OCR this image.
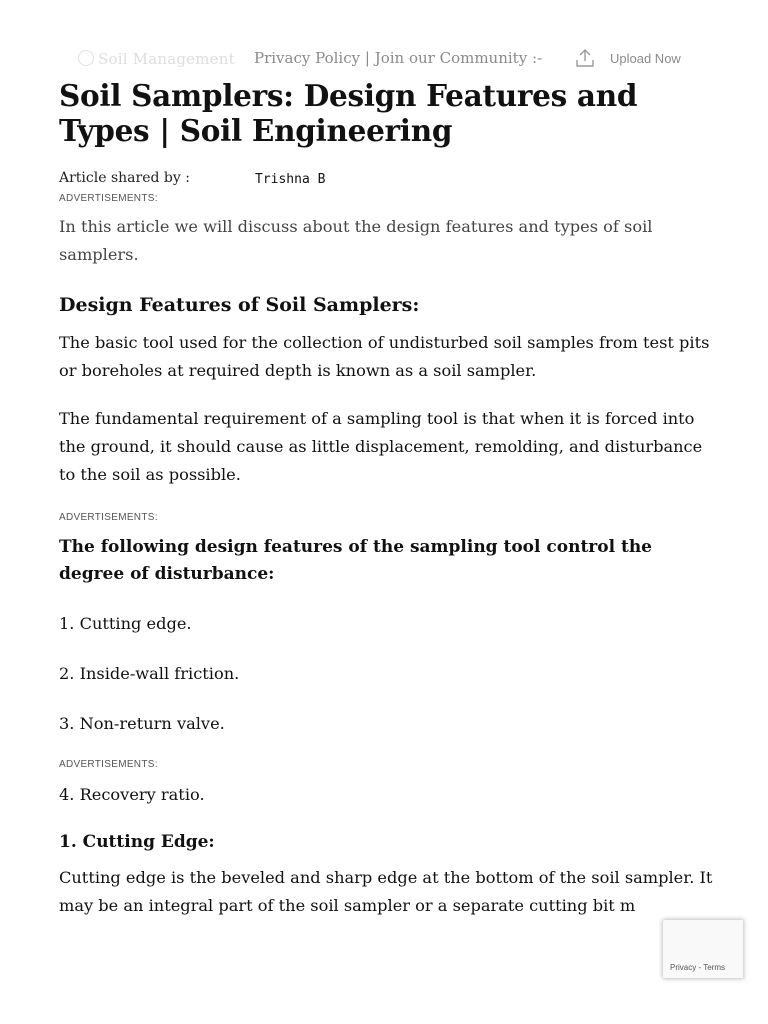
Soil Management Privacy Policy | Join our Community :-	Upload Now
Soil Samplers: Design Features and Types | Soil Engineering
Article shared by :	Trishna B
ADVERTISEMENTS:

In this article we will discuss about the design features and types of soil samplers.

Design Features of Soil Samplers:

The basic tool used for the collection of undisturbed soil samples from test pits or boreholes at required depth is known as a soil sampler.

The fundamental requirement of a sampling tool is that when it is forced into the ground, it should cause as little displacement, remolding, and disturbance to the soil as possible.

ADVERTISEMENTS:
The following design features of the sampling tool control the degree of disturbance:
1. Cutting edge.
2. Inside-wall friction.
3. Non-return valve.
ADVERTISEMENTS:
4. Recovery ratio.
1. Cutting Edge:

Cutting edge is the beveled and sharp edge at the bottom of the soil sampler. It may be an integral part of the soil sampler or a separate cutting bit m

Privacy - Terms
